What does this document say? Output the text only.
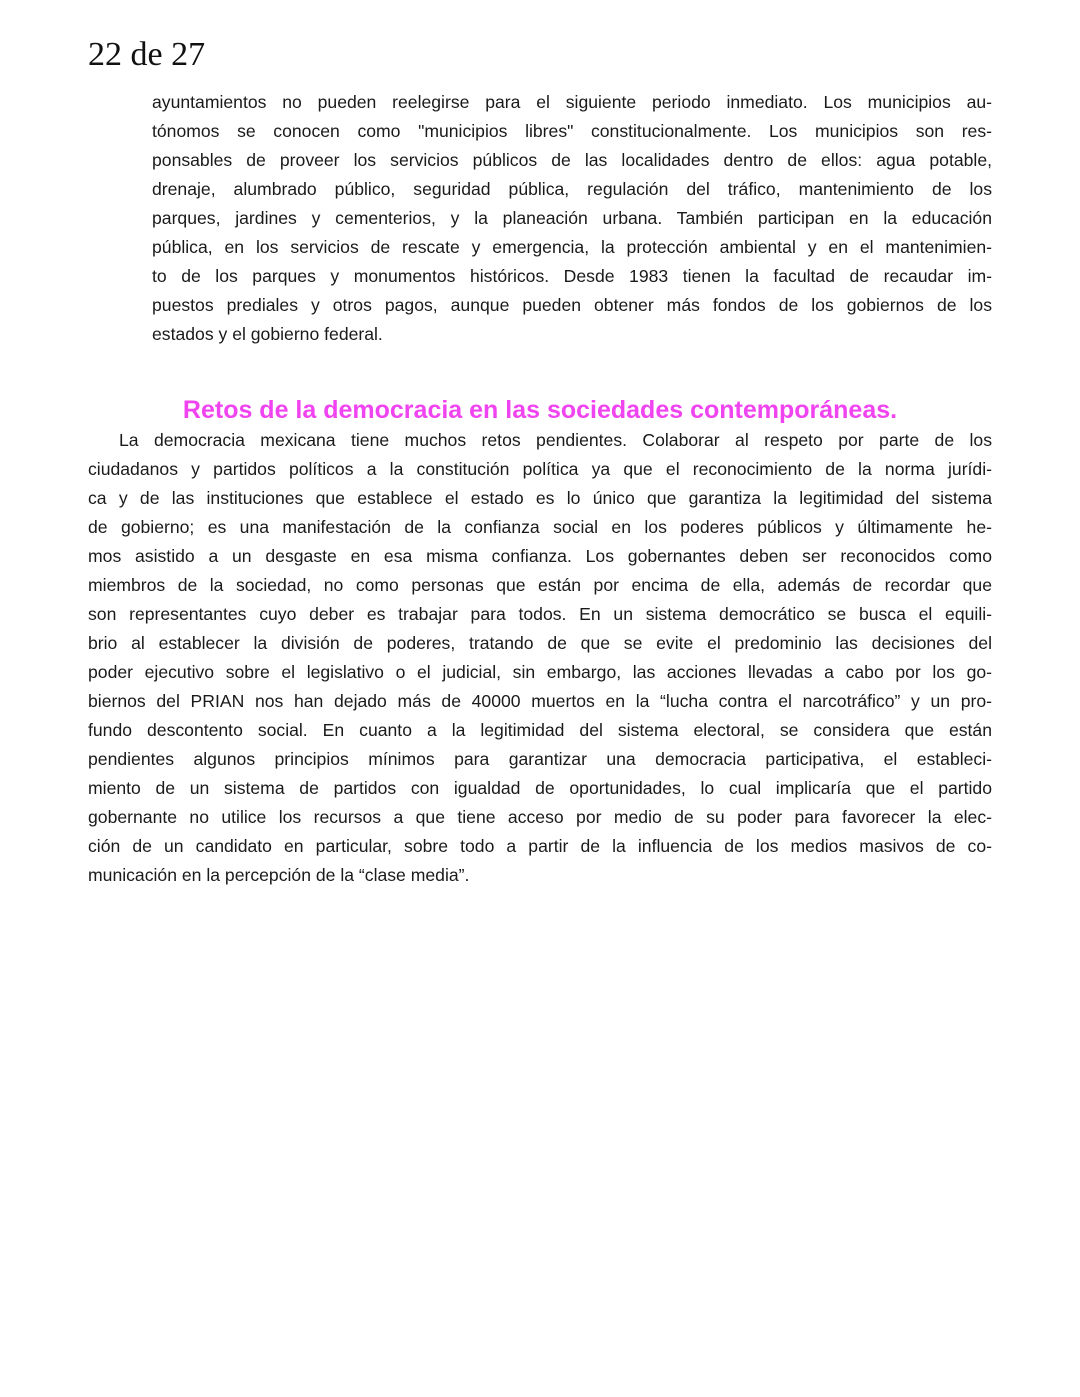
22 de 27
ayuntamientos no pueden reelegirse para el siguiente periodo inmediato. Los municipios au-
tónomos se conocen como "municipios libres" constitucionalmente. Los municipios son res-
ponsables de proveer los servicios públicos de las localidades dentro de ellos: agua potable,
drenaje, alumbrado público, seguridad pública, regulación del tráfico, mantenimiento de los
parques, jardines y cementerios, y la planeación urbana. También participan en la educación
pública, en los servicios de rescate y emergencia, la protección ambiental y en el mantenimien-
to de los parques y monumentos históricos. Desde 1983 tienen la facultad de recaudar im-
puestos prediales y otros pagos, aunque pueden obtener más fondos de los gobiernos de los
estados y el gobierno federal.
Retos de la democracia en las sociedades contemporáneas.
La democracia mexicana tiene muchos retos pendientes. Colaborar al respeto por parte de los
ciudadanos y partidos políticos a la constitución política ya que el reconocimiento de la norma jurídi-
ca y de las instituciones que establece el estado es lo único que garantiza la legitimidad del sistema
de gobierno; es una manifestación de la confianza social en los poderes públicos y últimamente he-
mos asistido a un desgaste en esa misma confianza. Los gobernantes deben ser reconocidos como
miembros de la sociedad, no como personas que están por encima de ella, además de recordar que
son representantes cuyo deber es trabajar para todos. En un sistema democrático se busca el equili-
brio al establecer la división de poderes, tratando de que se evite el predominio las decisiones del
poder ejecutivo sobre el legislativo o el judicial, sin embargo, las acciones llevadas a cabo por los go-
biernos del PRIAN nos han dejado más de 40000 muertos en la “lucha contra el narcotráfico” y un pro-
fundo descontento social. En cuanto a la legitimidad del sistema electoral, se considera que están
pendientes algunos principios mínimos para garantizar una democracia participativa, el estableci-
miento de un sistema de partidos con igualdad de oportunidades, lo cual implicaría que el partido
gobernante no utilice los recursos a que tiene acceso por medio de su poder para favorecer la elec-
ción de un candidato en particular, sobre todo a partir de la influencia de los medios masivos de co-
municación en la percepción de la “clase media”.
